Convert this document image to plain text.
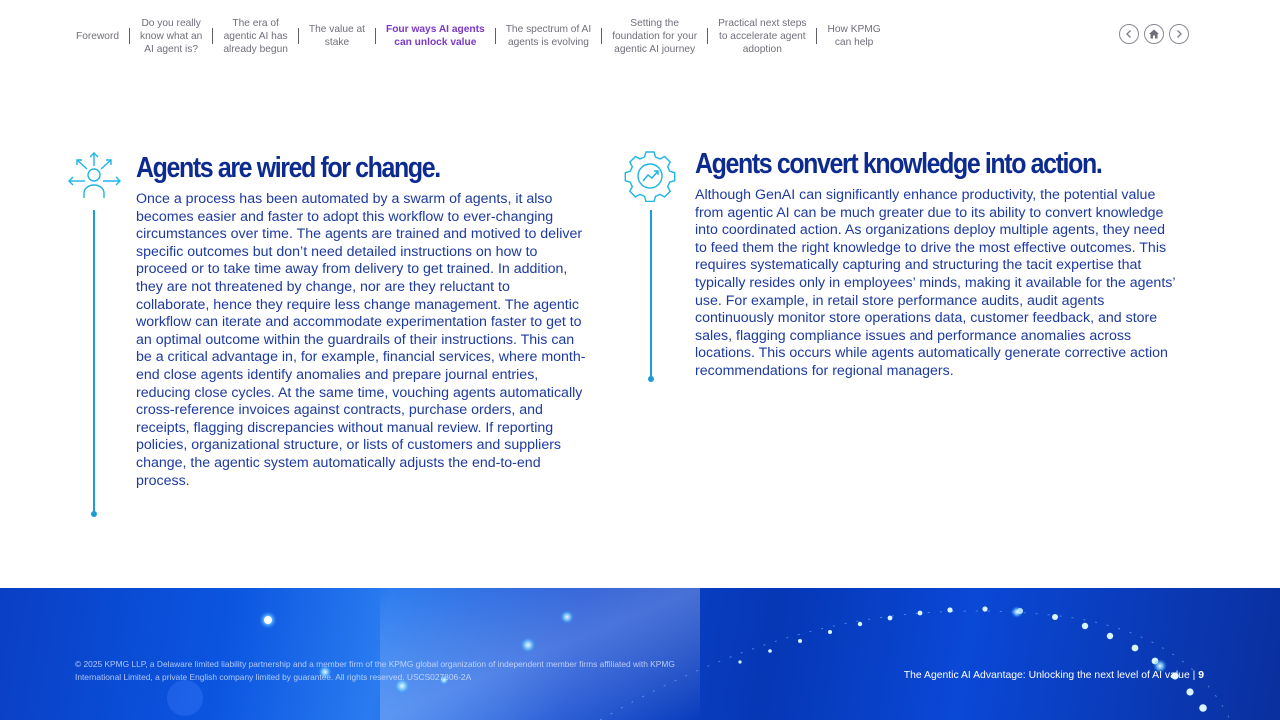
Foreword
Do you really
know what an
AI agent is?
The era of
agentic AI has
already begun
The value at
stake
Four ways AI agents
can unlock value
The spectrum of AI
agents is evolving
Setting the
foundation for your
agentic AI journey
Practical next steps
to accelerate agent
adoption
How KPMG
can help
Agents are wired for change.

Once a process has been automated by a swarm of agents, it also becomes easier and faster to adopt this workflow to ever-changing circumstances over time. The agents are trained and motived to deliver specific outcomes but don’t need detailed instructions on how to proceed or to take time away from delivery to get trained. In addition, they are not threatened by change, nor are they reluctant to collaborate, hence they require less change management. The agentic workflow can iterate and accommodate experimentation faster to get to an optimal outcome within the guardrails of their instructions. This can be a critical advantage in, for example, financial services, where month-end close agents identify anomalies and prepare journal entries, reducing close cycles. At the same time, vouching agents automatically cross-reference invoices against contracts, purchase orders, and receipts, flagging discrepancies without manual review. If reporting policies, organizational structure, or lists of customers and suppliers change, the agentic system automatically adjusts the end-to-end process.

Agents convert knowledge into action.

Although GenAI can significantly enhance productivity, the potential value from agentic AI can be much greater due to its ability to convert knowledge into coordinated action. As organizations deploy multiple agents, they need to feed them the right knowledge to drive the most effective outcomes. This requires systematically capturing and structuring the tacit expertise that typically resides only in employees’ minds, making it available for the agents’ use. For example, in retail store performance audits, audit agents continuously monitor store operations data, customer feedback, and store sales, flagging compliance issues and performance anomalies across locations. This occurs while agents automatically generate corrective action recommendations for regional managers.

© 2025 KPMG LLP, a Delaware limited liability partnership and a member firm of the KPMG global organization of independent member firms affiliated with KPMG International Limited, a private English company limited by guarantee. All rights reserved. USCS027806-2A	The Agentic AI Advantage: Unlocking the next level of AI value | 9
